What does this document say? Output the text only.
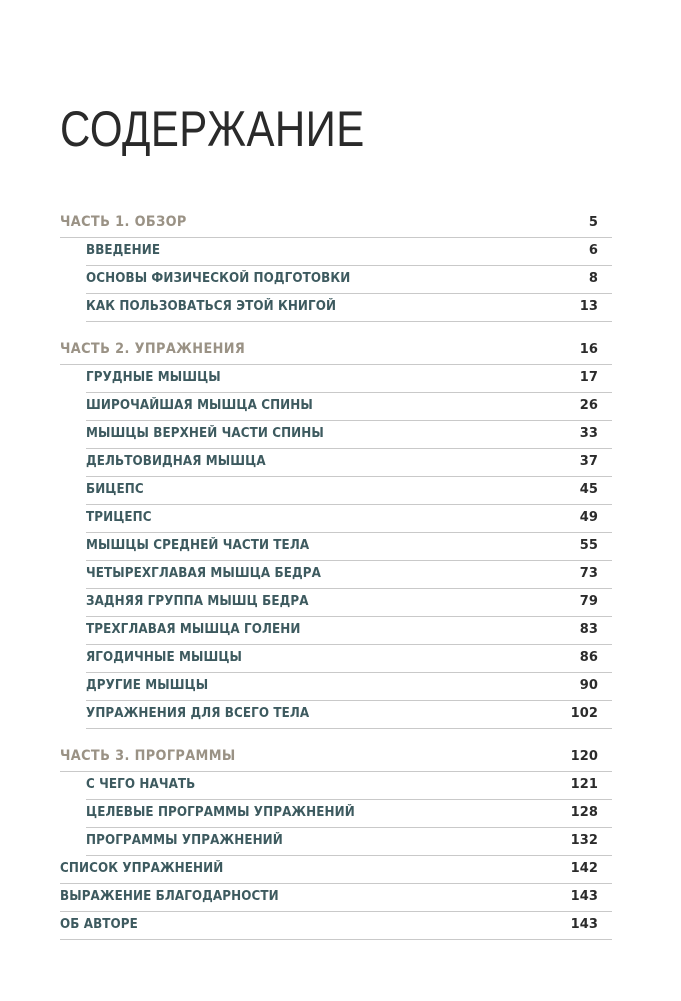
СОДЕРЖАНИЕ
ЧАСТЬ 1. ОБЗОР	5
ВВЕДЕНИЕ	6
ОСНОВЫ ФИЗИЧЕСКОЙ ПОДГОТОВКИ	8
КАК ПОЛЬЗОВАТЬСЯ ЭТОЙ КНИГОЙ	13
ЧАСТЬ 2. УПРАЖНЕНИЯ	16
ГРУДНЫЕ МЫШЦЫ	17
ШИРОЧАЙШАЯ МЫШЦА СПИНЫ	26
МЫШЦЫ ВЕРХНЕЙ ЧАСТИ СПИНЫ	33
ДЕЛЬТОВИДНАЯ МЫШЦА	37
БИЦЕПС	45
ТРИЦЕПС	49
МЫШЦЫ СРЕДНЕЙ ЧАСТИ ТЕЛА	55
ЧЕТЫРЕХГЛАВАЯ МЫШЦА БЕДРА	73
ЗАДНЯЯ ГРУППА МЫШЦ БЕДРА	79
ТРЕХГЛАВАЯ МЫШЦА ГОЛЕНИ	83
ЯГОДИЧНЫЕ МЫШЦЫ	86
ДРУГИЕ МЫШЦЫ	90
УПРАЖНЕНИЯ ДЛЯ ВСЕГО ТЕЛА	102
ЧАСТЬ 3. ПРОГРАММЫ	120
С ЧЕГО НАЧАТЬ	121
ЦЕЛЕВЫЕ ПРОГРАММЫ УПРАЖНЕНИЙ	128
ПРОГРАММЫ УПРАЖНЕНИЙ	132
СПИСОК УПРАЖНЕНИЙ	142
ВЫРАЖЕНИЕ БЛАГОДАРНОСТИ	143
ОБ АВТОРЕ	143
